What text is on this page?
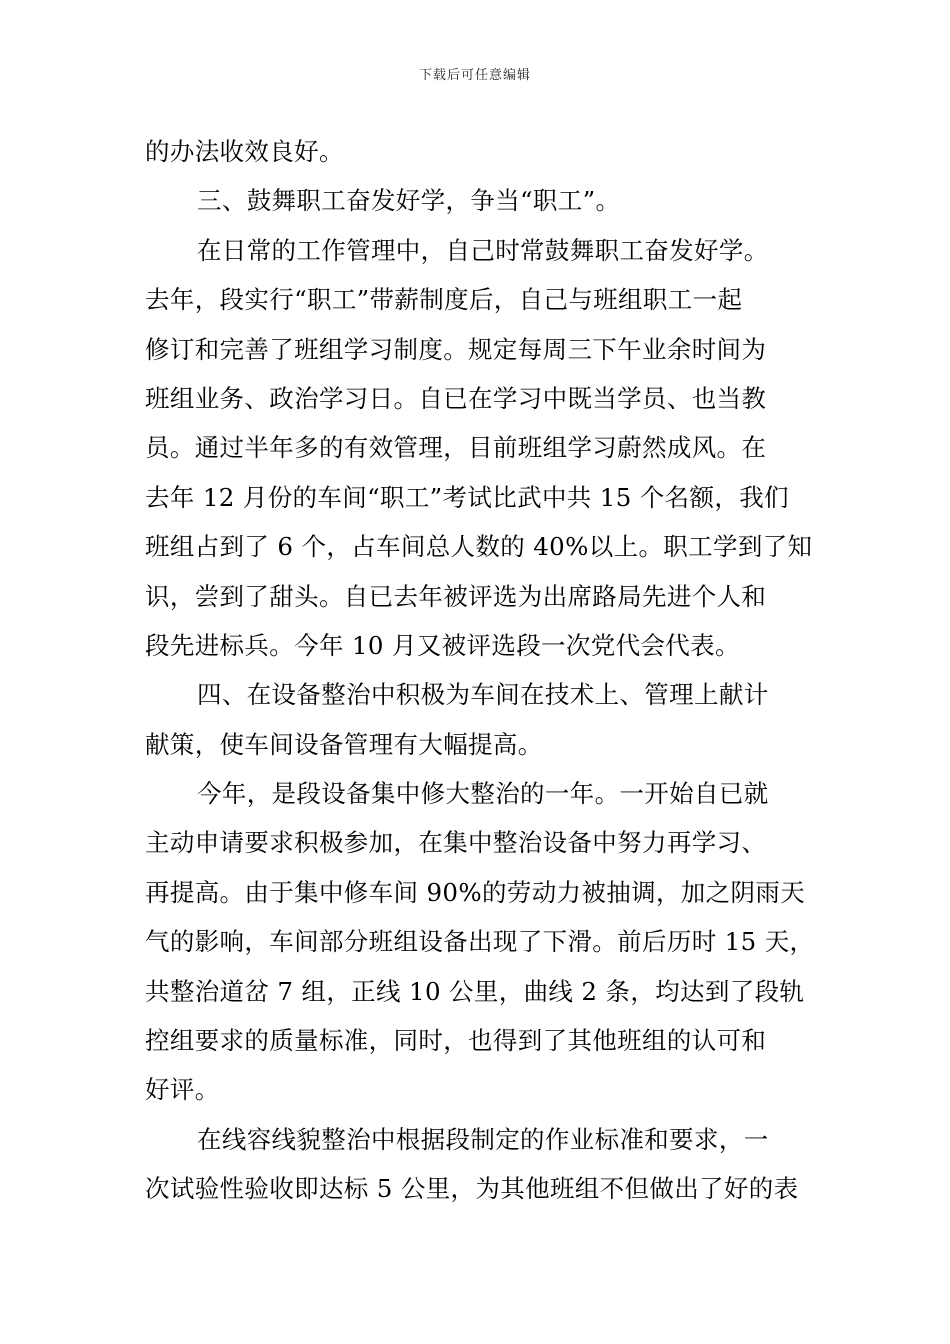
下载后可任意编辑
的办法收效良好。
三、鼓舞职工奋发好学，争当“职工”。
在日常的工作管理中，自己时常鼓舞职工奋发好学。
去年，段实行“职工”带薪制度后，自己与班组职工一起
修订和完善了班组学习制度。规定每周三下午业余时间为
班组业务、政治学习日。自已在学习中既当学员、也当教
员。通过半年多的有效管理，目前班组学习蔚然成风。在
去年 12 月份的车间“职工”考试比武中共 15 个名额，我们
班组占到了 6 个，占车间总人数的 40%以上。职工学到了知
识，尝到了甜头。自已去年被评选为出席路局先进个人和
段先进标兵。今年 10 月又被评选段一次党代会代表。
四、在设备整治中积极为车间在技术上、管理上献计
献策，使车间设备管理有大幅提高。
今年，是段设备集中修大整治的一年。一开始自已就
主动申请要求积极参加，在集中整治设备中努力再学习、
再提高。由于集中修车间 90%的劳动力被抽调，加之阴雨天
气的影响，车间部分班组设备出现了下滑。前后历时 15 天，
共整治道岔 7 组，正线 10 公里，曲线 2 条，均达到了段轨
控组要求的质量标准，同时，也得到了其他班组的认可和
好评。
在线容线貌整治中根据段制定的作业标准和要求，一
次试验性验收即达标 5 公里，为其他班组不但做出了好的表
